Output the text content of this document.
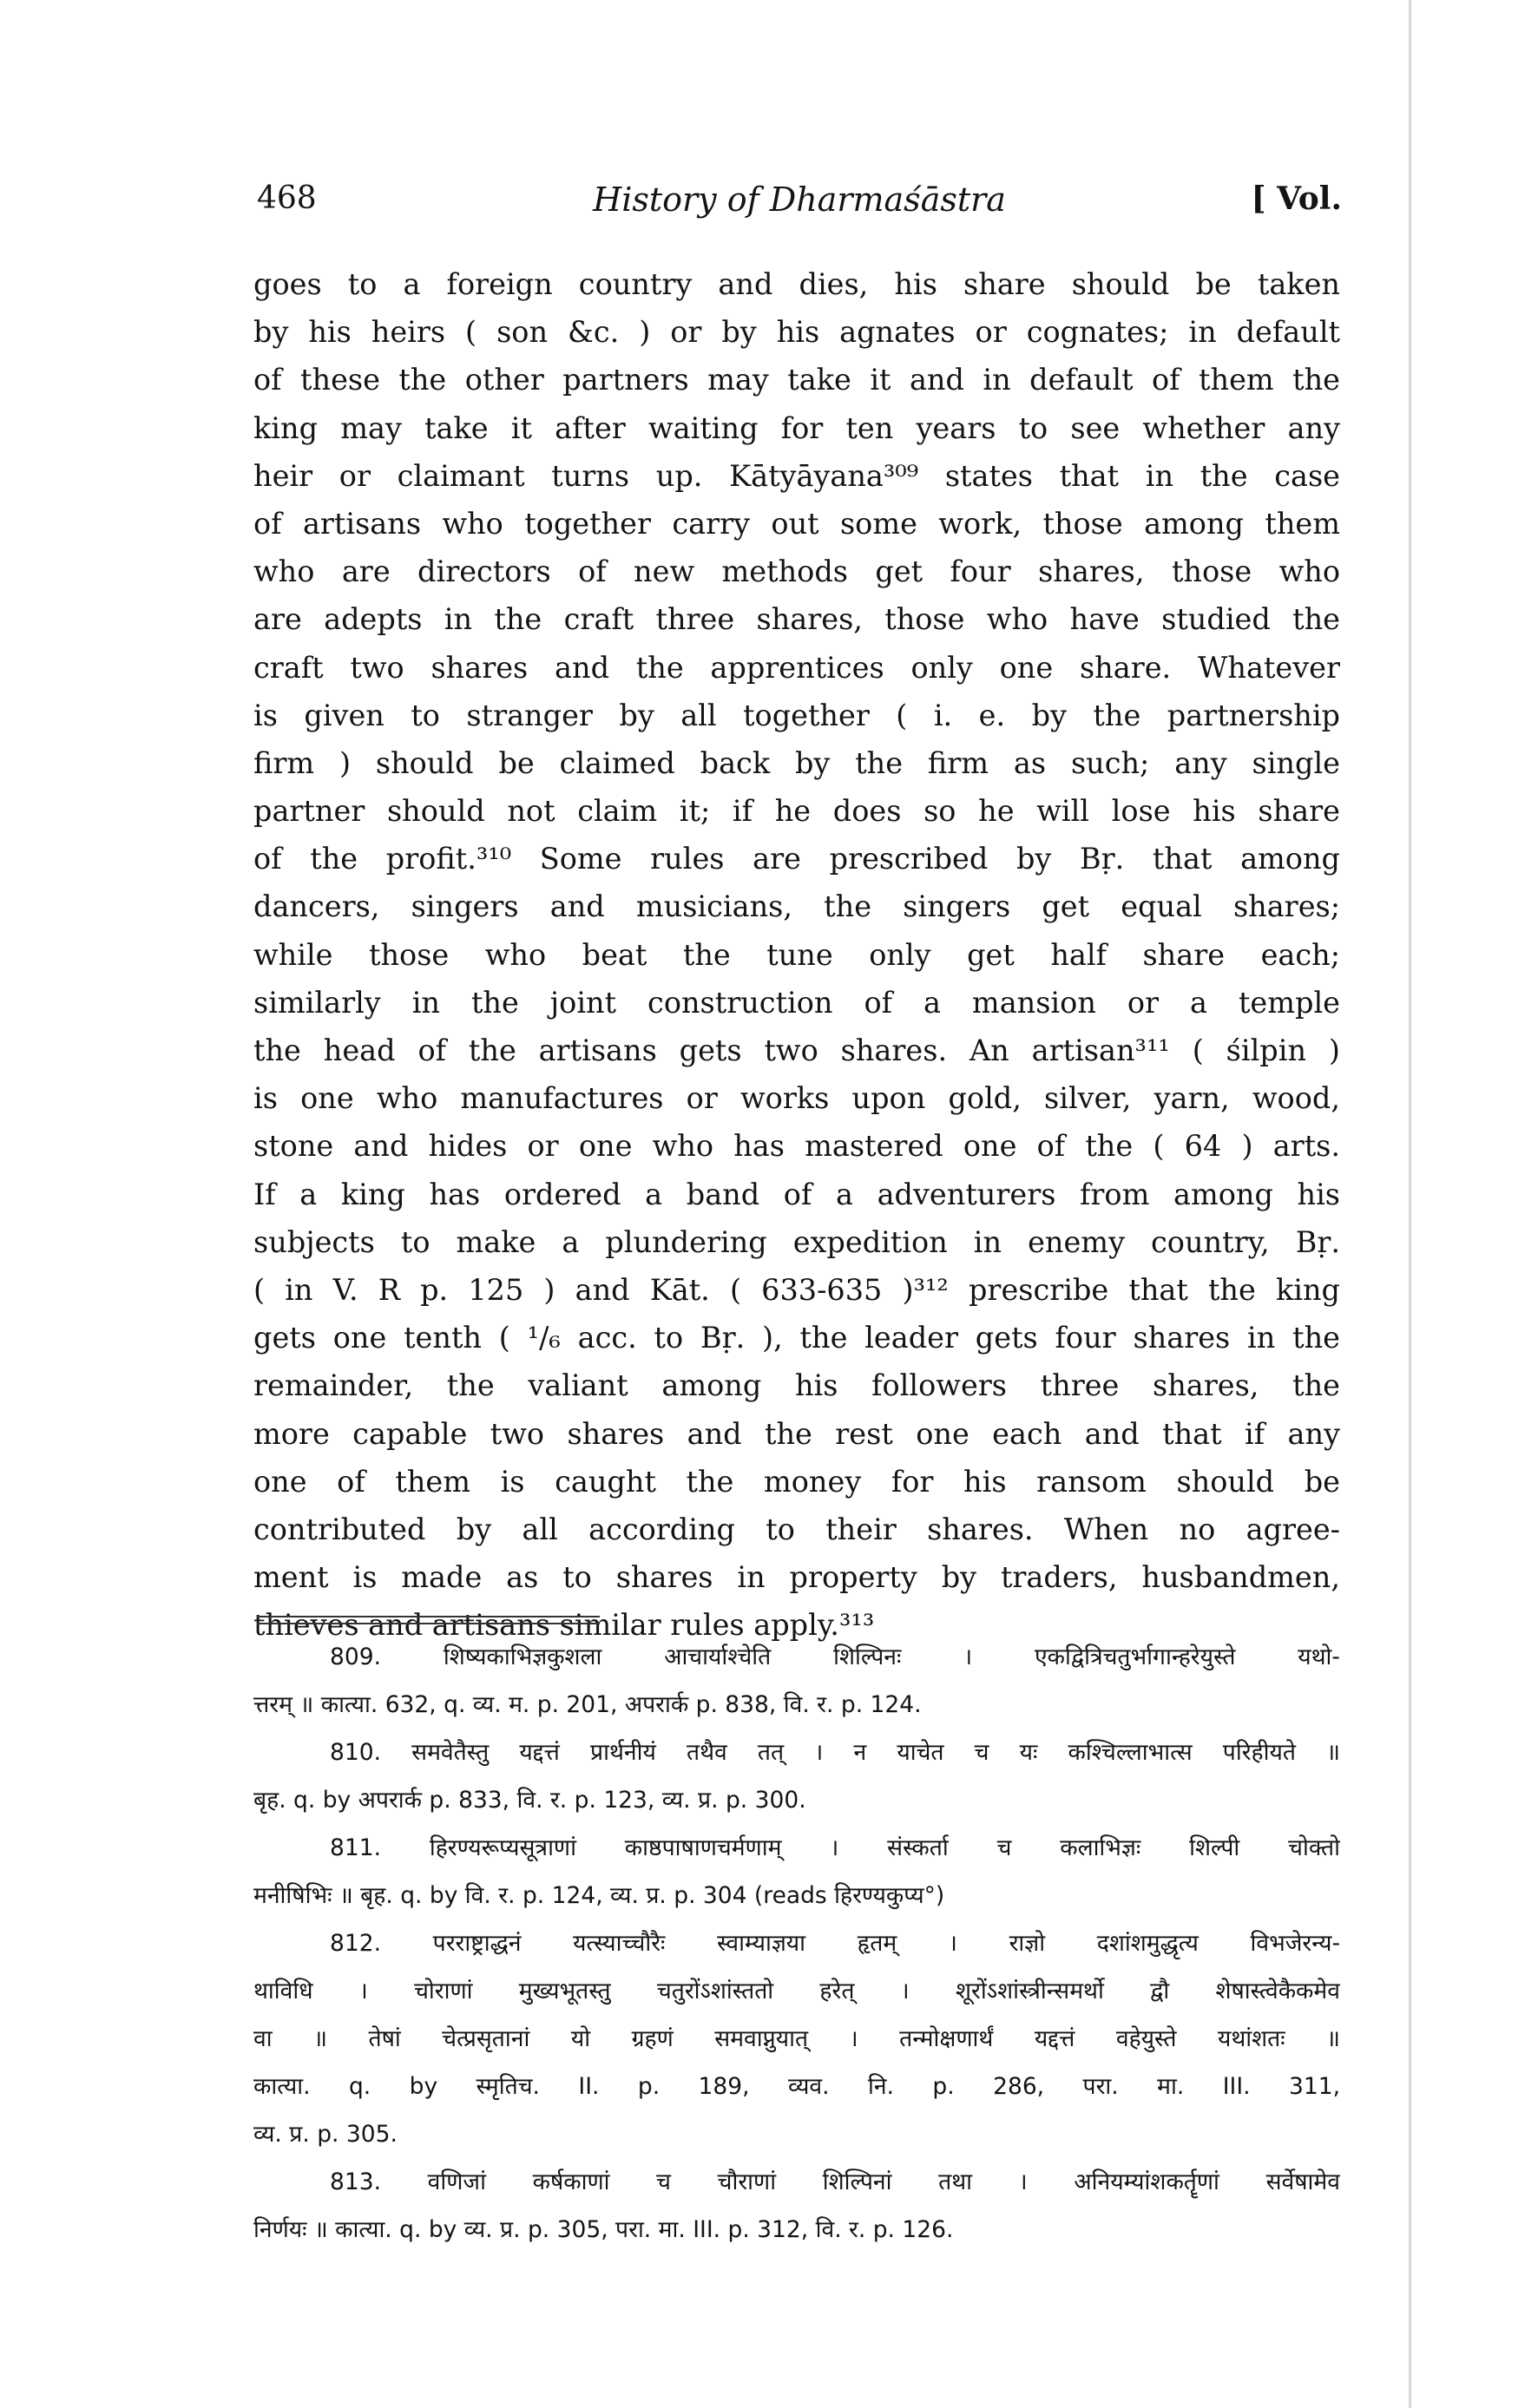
468	History of Dharmaśāstra	[ Vol.
goes to a foreign country and dies, his share should be taken
by his heirs ( son &c. ) or by his agnates or cognates; in default
of these the other partners may take it and in default of them the
king may take it after waiting for ten years to see whether any
heir or claimant turns up. Kātyāyana³⁰⁹ states that in the case
of artisans who together carry out some work, those among them
who are directors of new methods get four shares, those who
are adepts in the craft three shares, those who have studied the
craft two shares and the apprentices only one share. Whatever
is given to stranger by all together ( i. e. by the partnership
firm ) should be claimed back by the firm as such; any single
partner should not claim it; if he does so he will lose his share
of the profit.³¹⁰ Some rules are prescribed by Bṛ. that among
dancers, singers and musicians, the singers get equal shares;
while those who beat the tune only get half share each;
similarly in the joint construction of a mansion or a temple
the head of the artisans gets two shares. An artisan³¹¹ ( śilpin )
is one who manufactures or works upon gold, silver, yarn, wood,
stone and hides or one who has mastered one of the ( 64 ) arts.
If a king has ordered a band of a adventurers from among his
subjects to make a plundering expedition in enemy country, Bṛ.
( in V. R p. 125 ) and Kāt. ( 633-635 )³¹² prescribe that the king
gets one tenth ( ¹/₆ acc. to Bṛ. ), the leader gets four shares in the
remainder, the valiant among his followers three shares, the
more capable two shares and the rest one each and that if any
one of them is caught the money for his ransom should be
contributed by all according to their shares. When no agree-
ment is made as to shares in property by traders, husbandmen,
thieves and artisans similar rules apply.³¹³
809. शिष्यकाभिज्ञकुशला आचार्याश्चेति शिल्पिनः । एकद्वित्रिचतुर्भागान्हरेयुस्ते यथो-
त्तरम् ॥ कात्या. 632, q. व्य. म. p. 201, अपरार्क p. 838, वि. र. p. 124.
810. समवेतैस्तु यद्दत्तं प्रार्थनीयं तथैव तत् । न याचेत च यः कश्चिल्लाभात्स परिहीयते ॥
बृह. q. by अपरार्क p. 833, वि. र. p. 123, व्य. प्र. p. 300.
811. हिरण्यरूप्यसूत्राणां काष्ठपाषाणचर्मणाम् । संस्कर्ता च कलाभिज्ञः शिल्पी चोक्तो
मनीषिभिः ॥ बृह. q. by वि. र. p. 124, व्य. प्र. p. 304 (reads हिरण्यकुप्य°)
812. परराष्ट्राद्धनं यत्स्याच्चौरैः स्वाम्याज्ञया हृतम् । राज्ञो दशांशमुद्धृत्य विभजेरन्य-
थाविधि । चोराणां मुख्यभूतस्तु चतुरोंऽशांस्ततो हरेत् । शूरोंऽशांस्त्रीन्समर्थो द्वौ शेषास्त्वेकैकमेव
वा ॥ तेषां चेत्प्रसृतानां यो ग्रहणं समवाप्नुयात् । तन्मोक्षणार्थं यद्दत्तं वहेयुस्ते यथांशतः ॥
कात्या. q. by स्मृतिच. II. p. 189, व्यव. नि. p. 286, परा. मा. III. 311,
व्य. प्र. p. 305.
813. वणिजां कर्षकाणां च चौराणां शिल्पिनां तथा । अनियम्यांशकर्तॄणां सर्वेषामेव
निर्णयः ॥ कात्या. q. by व्य. प्र. p. 305, परा. मा. III. p. 312, वि. र. p. 126.
